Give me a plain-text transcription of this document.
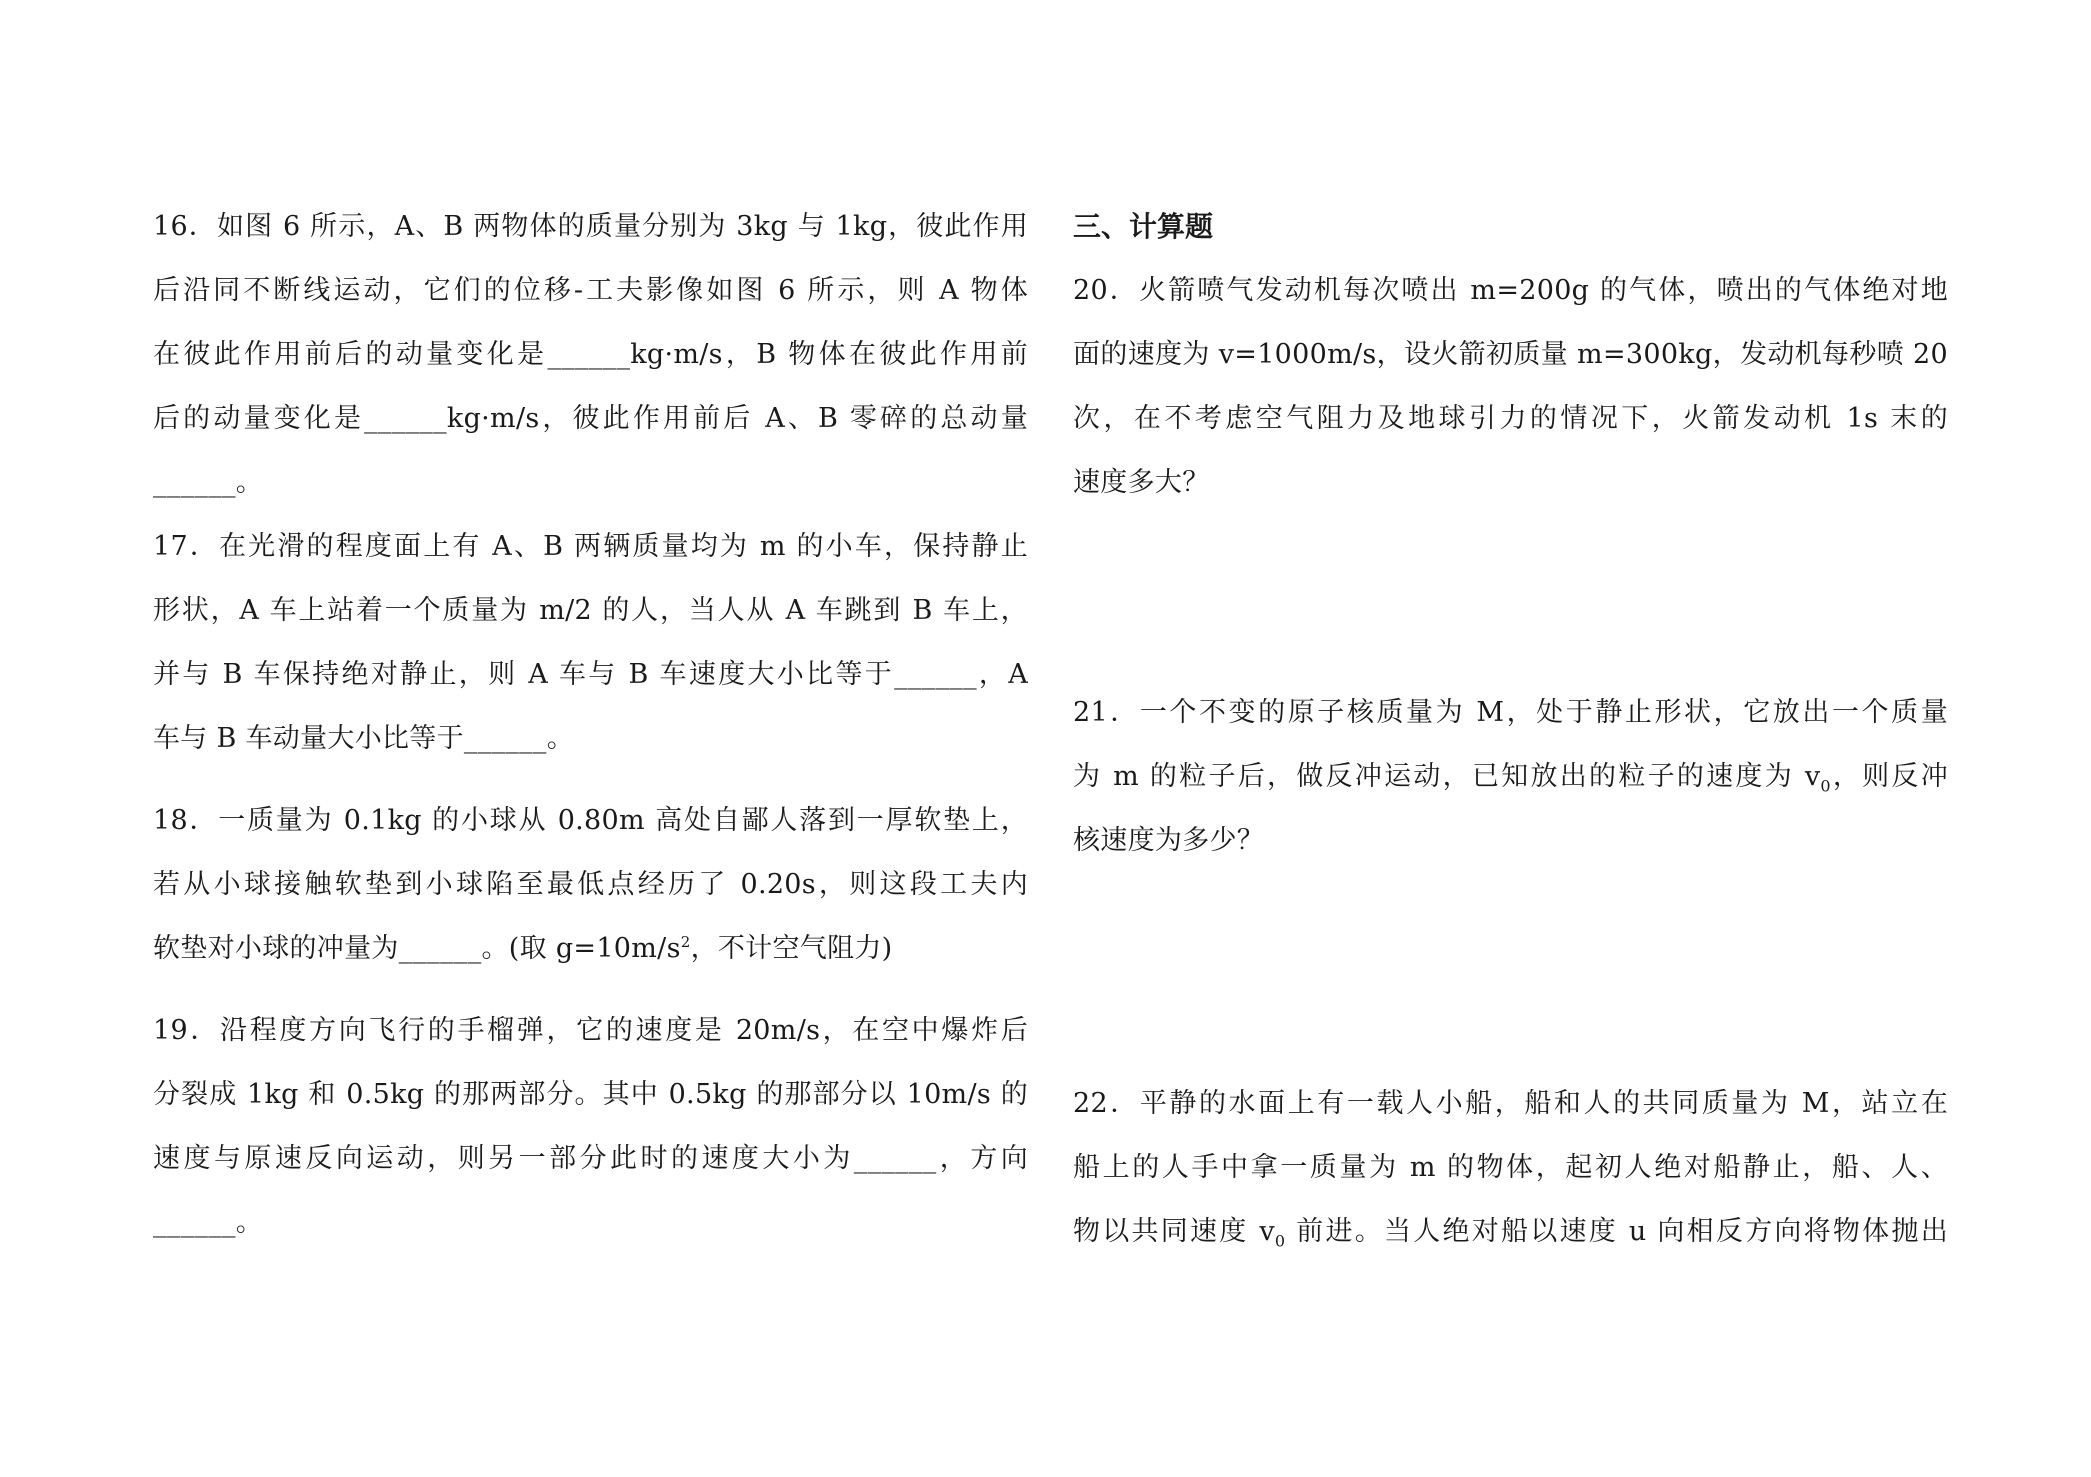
16．如图 6 所示，A、B 两物体的质量分别为 3kg 与 1kg，彼此作用
后沿同不断线运动，它们的位移-工夫影像如图 6 所示，则 A 物体
在彼此作用前后的动量变化是______kg·m/s，B 物体在彼此作用前
后的动量变化是______kg·m/s，彼此作用前后 A、B 零碎的总动量
______。
17．在光滑的程度面上有 A、B 两辆质量均为 m 的小车，保持静止
形状，A 车上站着一个质量为 m/2 的人，当人从 A 车跳到 B 车上，
并与 B 车保持绝对静止，则 A 车与 B 车速度大小比等于______，A
车与 B 车动量大小比等于______。
18．一质量为 0.1kg 的小球从 0.80m 高处自鄙人落到一厚软垫上，
若从小球接触软垫到小球陷至最低点经历了 0.20s，则这段工夫内
软垫对小球的冲量为______。(取 $g=10m/s^2$，不计空气阻力)
19．沿程度方向飞行的手榴弹，它的速度是 20m/s，在空中爆炸后
分裂成 1kg 和 0.5kg 的那两部分。其中 0.5kg 的那部分以 10m/s 的
速度与原速反向运动，则另一部分此时的速度大小为______，方向
______。
三、计算题
20．火箭喷气发动机每次喷出 m=200g 的气体，喷出的气体绝对地
面的速度为 v=1000m/s，设火箭初质量 m=300kg，发动机每秒喷 20
次，在不考虑空气阻力及地球引力的情况下，火箭发动机 1s 末的
速度多大？
21．一个不变的原子核质量为 M，处于静止形状，它放出一个质量
为 m 的粒子后，做反冲运动，已知放出的粒子的速度为 $v_0$，则反冲
核速度为多少？
22．平静的水面上有一载人小船，船和人的共同质量为 M，站立在
船上的人手中拿一质量为 m 的物体，起初人绝对船静止，船、人、
物以共同速度 $v_0$ 前进。当人绝对船以速度 u 向相反方向将物体抛出
